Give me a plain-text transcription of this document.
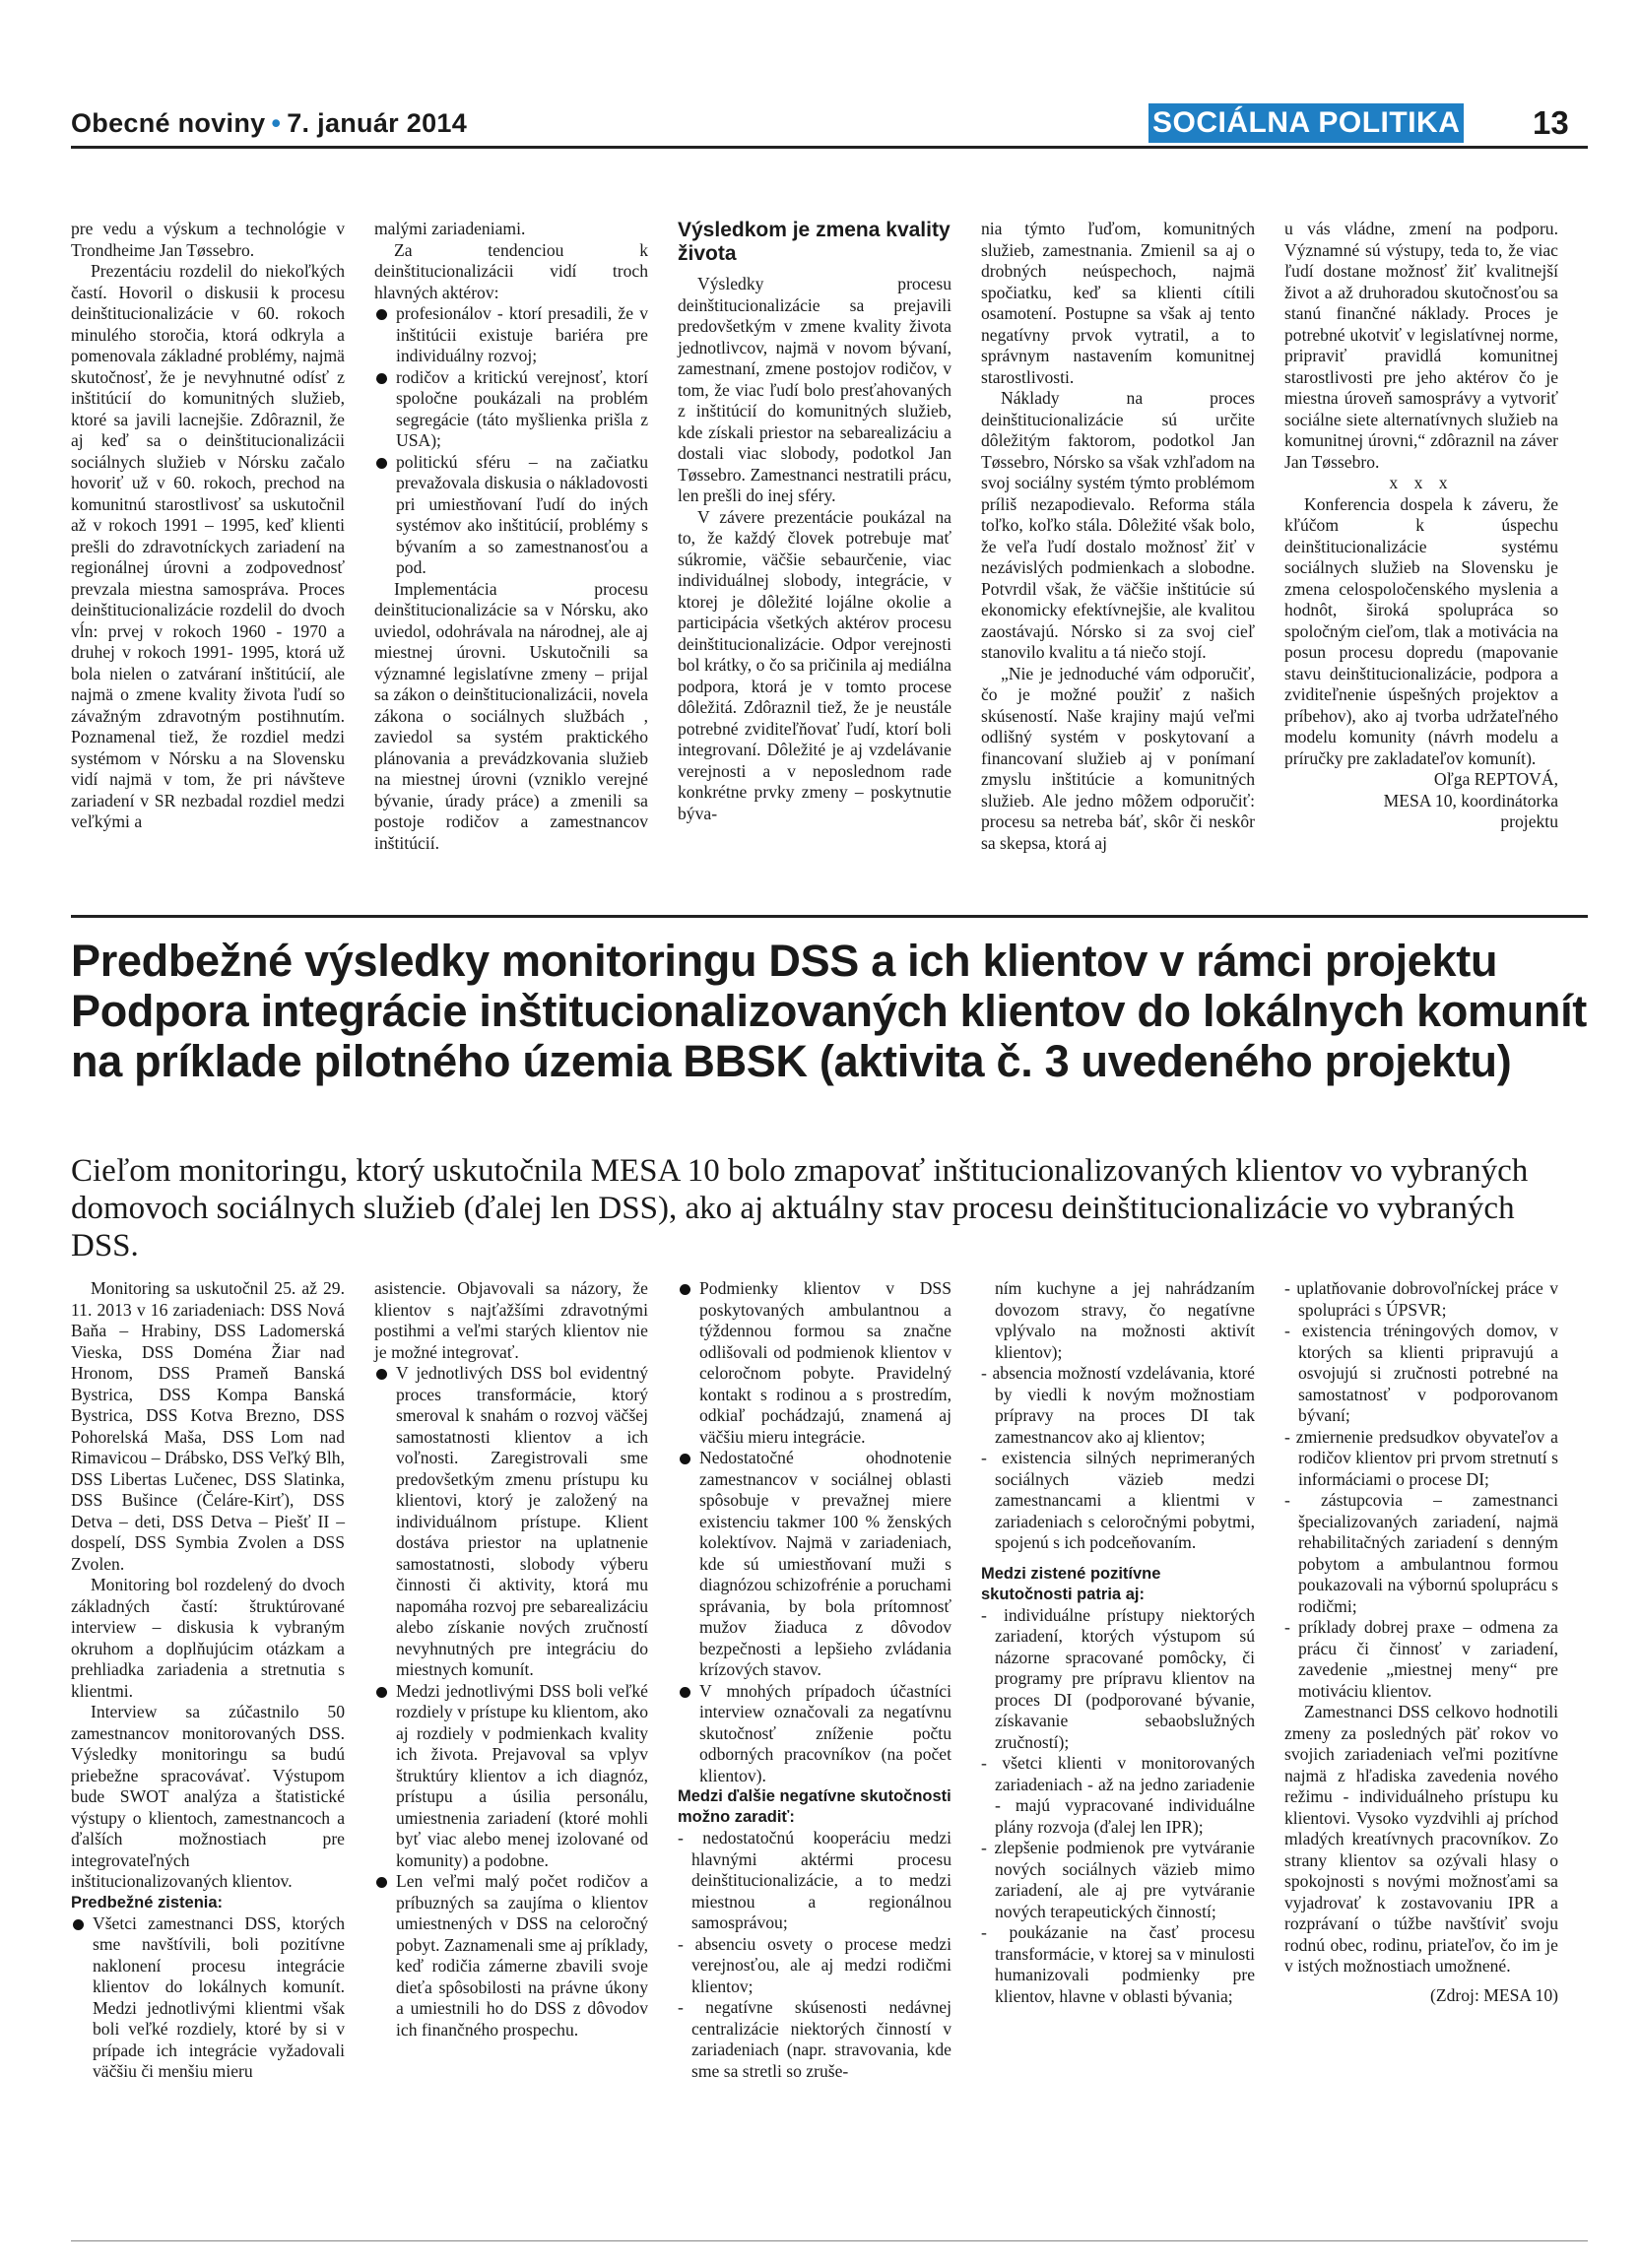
Obecné noviny • 7. január 2014	SOCIÁLNA POLITIKA 13

pre vedu a výskum a technológie v Trondheime Jan Tøssebro.

Prezentáciu rozdelil do niekoľkých častí. Hovoril o diskusii k procesu deinštitucionalizácie v 60. rokoch minulého storočia, ktorá odkryla a pomenovala základné problémy, najmä skutočnosť, že je nevyhnutné odísť z inštitúcií do komunitných služieb, ktoré sa javili lacnejšie. Zdôraznil, že aj keď sa o deinštitucionalizácii sociálnych služieb v Nórsku začalo hovoriť už v 60. rokoch, prechod na komunitnú starostlivosť sa uskutočnil až v rokoch 1991 – 1995, keď klienti prešli do zdravotníckych zariadení na regionálnej úrovni a zodpovednosť prevzala miestna samospráva. Proces deinštitucionalizácie rozdelil do dvoch vĺn: prvej v rokoch 1960 - 1970 a druhej v rokoch 1991- 1995, ktorá už bola nielen o zatváraní inštitúcií, ale najmä o zmene kvality života ľudí so závažným zdravotným postihnutím. Poznamenal tiež, že rozdiel medzi systémom v Nórsku a na Slovensku vidí najmä v tom, že pri návšteve zariadení v SR nezbadal rozdiel medzi veľkými a

malými zariadeniami.

Za tendenciou k deinštitucionalizácii vidí troch hlavných aktérov:

profesionálov - ktorí presadili, že v inštitúcii existuje bariéra pre individuálny rozvoj;

rodičov a kritickú verejnosť, ktorí spoločne poukázali na problém segregácie (táto myšlienka prišla z USA);

politickú sféru – na začiatku prevažovala diskusia o nákladovosti pri umiestňovaní ľudí do iných systémov ako inštitúcií, problémy s bývaním a so zamestnanosťou a pod.

Implementácia procesu deinštitucionalizácie sa v Nórsku, ako uviedol, odohrávala na národnej, ale aj miestnej úrovni. Uskutočnili sa významné legislatívne zmeny – prijal sa zákon o deinštitucionalizácii, novela zákona o sociálnych službách , zaviedol sa systém praktického plánovania a prevádzkovania služieb na miestnej úrovni (vzniklo verejné bývanie, úrady práce) a zmenili sa postoje rodičov a zamestnancov inštitúcií.

Výsledkom je zmena kvality života

Výsledky procesu deinštitucionalizácie sa prejavili predovšetkým v zmene kvality života jednotlivcov, najmä v novom bývaní, zamestnaní, zmene postojov rodičov, v tom, že viac ľudí bolo presťahovaných z inštitúcií do komunitných služieb, kde získali priestor na sebarealizáciu a dostali viac slobody, podotkol Jan Tøssebro. Zamestnanci nestratili prácu, len prešli do inej sféry.

V závere prezentácie poukázal na to, že každý človek potrebuje mať súkromie, väčšie sebaurčenie, viac individuálnej slobody, integrácie, v ktorej je dôležité lojálne okolie a participácia všetkých aktérov procesu deinštitucionalizácie. Odpor verejnosti bol krátky, o čo sa pričinila aj mediálna podpora, ktorá je v tomto procese dôležitá. Zdôraznil tiež, že je neustále potrebné zviditeľňovať ľudí, ktorí boli integrovaní. Dôležité je aj vzdelávanie verejnosti a v neposlednom rade konkrétne prvky zmeny – poskytnutie býva-

nia týmto ľuďom, komunitných služieb, zamestnania. Zmienil sa aj o drobných neúspechoch, najmä spočiatku, keď sa klienti cítili osamotení. Postupne sa však aj tento negatívny prvok vytratil, a to správnym nastavením komunitnej starostlivosti.

Náklady na proces deinštitucionalizácie sú určite dôležitým faktorom, podotkol Jan Tøssebro, Nórsko sa však vzhľadom na svoj sociálny systém týmto problémom príliš nezapodievalo. Reforma stála toľko, koľko stála. Dôležité však bolo, že veľa ľudí dostalo možnosť žiť v nezávislých podmienkach a slobodne. Potvrdil však, že väčšie inštitúcie sú ekonomicky efektívnejšie, ale kvalitou zaostávajú. Nórsko si za svoj cieľ stanovilo kvalitu a tá niečo stojí.

„Nie je jednoduché vám odporučiť, čo je možné použiť z našich skúseností. Naše krajiny majú veľmi odlišný systém v poskytovaní a financovaní služieb aj v ponímaní zmyslu inštitúcie a komunitných služieb. Ale jedno môžem odporučiť: procesu sa netreba báť, skôr či neskôr sa skepsa, ktorá aj

u vás vládne, zmení na podporu. Významné sú výstupy, teda to, že viac ľudí dostane možnosť žiť kvalitnejší život a až druhoradou skutočnosťou sa stanú finančné náklady. Proces je potrebné ukotviť v legislatívnej norme, pripraviť pravidlá komunitnej starostlivosti pre jeho aktérov čo je miestna úroveň samosprávy a vytvoriť sociálne siete alternatívnych služieb na komunitnej úrovni,“ zdôraznil na záver Jan Tøssebro.

x x x

Konferencia dospela k záveru, že kľúčom k úspechu deinštitucionalizácie systému sociálnych služieb na Slovensku je zmena celospoločenského myslenia a hodnôt, široká spolupráca so spoločným cieľom, tlak a motivácia na posun procesu dopredu (mapovanie stavu deinštitucionalizácie, podpora a zviditeľnenie úspešných projektov a príbehov), ako aj tvorba udržateľného modelu komunity (návrh modelu a príručky pre zakladateľov komunít).

Oľga REPTOVÁ,

MESA 10, koordinátorka

projektu

Predbežné výsledky monitoringu DSS a ich klientov v rámci projektu Podpora integrácie inštitucionalizovaných klientov do lokálnych komunít na príklade pilotného územia BBSK (aktivita č. 3 uvedeného projektu)

Cieľom monitoringu, ktorý uskutočnila MESA 10 bolo zmapovať inštitucionalizovaných klientov vo vybraných domovoch sociálnych služieb (ďalej len DSS), ako aj aktuálny stav procesu deinštitucionalizácie vo vybraných DSS.

Monitoring sa uskutočnil 25. až 29. 11. 2013 v 16 zariadeniach: DSS Nová Baňa – Hrabiny, DSS Ladomerská Vieska, DSS Doména Žiar nad Hronom, DSS Prameň Banská Bystrica, DSS Kompa Banská Bystrica, DSS Kotva Brezno, DSS Pohorelská Maša, DSS Lom nad Rimavicou – Drábsko, DSS Veľký Blh, DSS Libertas Lučenec, DSS Slatinka, DSS Bušince (Čeláre-Kirť), DSS Detva – deti, DSS Detva – Piešť II – dospelí, DSS Symbia Zvolen a DSS Zvolen.

Monitoring bol rozdelený do dvoch základných častí: štruktúrované interview – diskusia k vybraným okruhom a doplňujúcim otázkam a prehliadka zariadenia a stretnutia s klientmi.

Interview sa zúčastnilo 50 zamestnancov monitorovaných DSS. Výsledky monitoringu sa budú priebežne spracovávať. Výstupom bude SWOT analýza a štatistické výstupy o klientoch, zamestnancoch a ďalších možnostiach pre integrovateľných inštitucionalizovaných klientov.

Predbežné zistenia:

Všetci zamestnanci DSS, ktorých sme navštívili, boli pozitívne naklonení procesu integrácie klientov do lokálnych komunít. Medzi jednotlivými klientmi však boli veľké rozdiely, ktoré by si v prípade ich integrácie vyžadovali väčšiu či menšiu mieru

asistencie. Objavovali sa názory, že klientov s najťažšími zdravotnými postihmi a veľmi starých klientov nie je možné integrovať.

V jednotlivých DSS bol evidentný proces transformácie, ktorý smeroval k snahám o rozvoj väčšej samostatnosti klientov a ich voľnosti. Zaregistrovali sme predovšetkým zmenu prístupu ku klientovi, ktorý je založený na individuálnom prístupe. Klient dostáva priestor na uplatnenie samostatnosti, slobody výberu činnosti či aktivity, ktorá mu napomáha rozvoj pre sebarealizáciu alebo získanie nových zručností nevyhnutných pre integráciu do miestnych komunít.

Medzi jednotlivými DSS boli veľké rozdiely v prístupe ku klientom, ako aj rozdiely v podmienkach kvality ich života. Prejavoval sa vplyv štruktúry klientov a ich diagnóz, prístupu a úsilia personálu, umiestnenia zariadení (ktoré mohli byť viac alebo menej izolované od komunity) a podobne.

Len veľmi malý počet rodičov a príbuzných sa zaujíma o klientov umiestnených v DSS na celoročný pobyt. Zaznamenali sme aj príklady, keď rodičia zámerne zbavili svoje dieťa spôsobilosti na právne úkony a umiestnili ho do DSS z dôvodov ich finančného prospechu.

Podmienky klientov v DSS poskytovaných ambulantnou a týždennou formou sa značne odlišovali od podmienok klientov v celoročnom pobyte. Pravidelný kontakt s rodinou a s prostredím, odkiaľ pochádzajú, znamená aj väčšiu mieru integrácie.

Nedostatočné ohodnotenie zamestnancov v sociálnej oblasti spôsobuje v prevažnej miere existenciu takmer 100 % ženských kolektívov. Najmä v zariadeniach, kde sú umiestňovaní muži s diagnózou schizofrénie a poruchami správania, by bola prítomnosť mužov žiaduca z dôvodov bezpečnosti a lepšieho zvládania krízových stavov.

V mnohých prípadoch účastníci interview označovali za negatívnu skutočnosť zníženie počtu odborných pracovníkov (na počet klientov).

Medzi ďalšie negatívne skutočnosti možno zaradiť:

- nedostatočnú kooperáciu medzi hlavnými aktérmi procesu deinštitucionalizácie, a to medzi miestnou a regionálnou samosprávou;

- absenciu osvety o procese medzi verejnosťou, ale aj medzi rodičmi klientov;

- negatívne skúsenosti nedávnej centralizácie niektorých činností v zariadeniach (napr. stravovania, kde sme sa stretli so zruše-

ním kuchyne a jej nahrádzaním dovozom stravy, čo negatívne vplývalo na možnosti aktivít klientov);

- absencia možností vzdelávania, ktoré by viedli k novým možnostiam prípravy na proces DI tak zamestnancov ako aj klientov;

- existencia silných neprimeraných sociálnych väzieb medzi zamestnancami a klientmi v zariadeniach s celoročnými pobytmi, spojenú s ich podceňovaním.

Medzi zistené pozitívne skutočnosti patria aj:

- individuálne prístupy niektorých zariadení, ktorých výstupom sú názorne spracované pomôcky, či programy pre prípravu klientov na proces DI (podporované bývanie, získavanie sebaobslužných zručností);

- všetci klienti v monitorovaných zariadeniach - až na jedno zariadenie - majú vypracované individuálne plány rozvoja (ďalej len IPR);

- zlepšenie podmienok pre vytváranie nových sociálnych väzieb mimo zariadení, ale aj pre vytváranie nových terapeutických činností;

- poukázanie na časť procesu transformácie, v ktorej sa v minulosti humanizovali podmienky pre klientov, hlavne v oblasti bývania;

- uplatňovanie dobrovoľníckej práce v spolupráci s ÚPSVR;

- existencia tréningových domov, v ktorých sa klienti pripravujú a osvojujú si zručnosti potrebné na samostatnosť v podporovanom bývaní;

- zmiernenie predsudkov obyvateľov a rodičov klientov pri prvom stretnutí s informáciami o procese DI;

- zástupcovia – zamestnanci špecializovaných zariadení, najmä rehabilitačných zariadení s denným pobytom a ambulantnou formou poukazovali na výbornú spoluprácu s rodičmi;

- príklady dobrej praxe – odmena za prácu či činnosť v zariadení, zavedenie „miestnej meny“ pre motiváciu klientov.

Zamestnanci DSS celkovo hodnotili zmeny za posledných päť rokov vo svojich zariadeniach veľmi pozitívne najmä z hľadiska zavedenia nového režimu - individuálneho prístupu ku klientovi. Vysoko vyzdvihli aj príchod mladých kreatívnych pracovníkov. Zo strany klientov sa ozývali hlasy o spokojnosti s novými možnosťami sa vyjadrovať k zostavovaniu IPR a rozprávaní o túžbe navštíviť svoju rodnú obec, rodinu, priateľov, čo im je v istých možnostiach umožnené.

(Zdroj: MESA 10)
